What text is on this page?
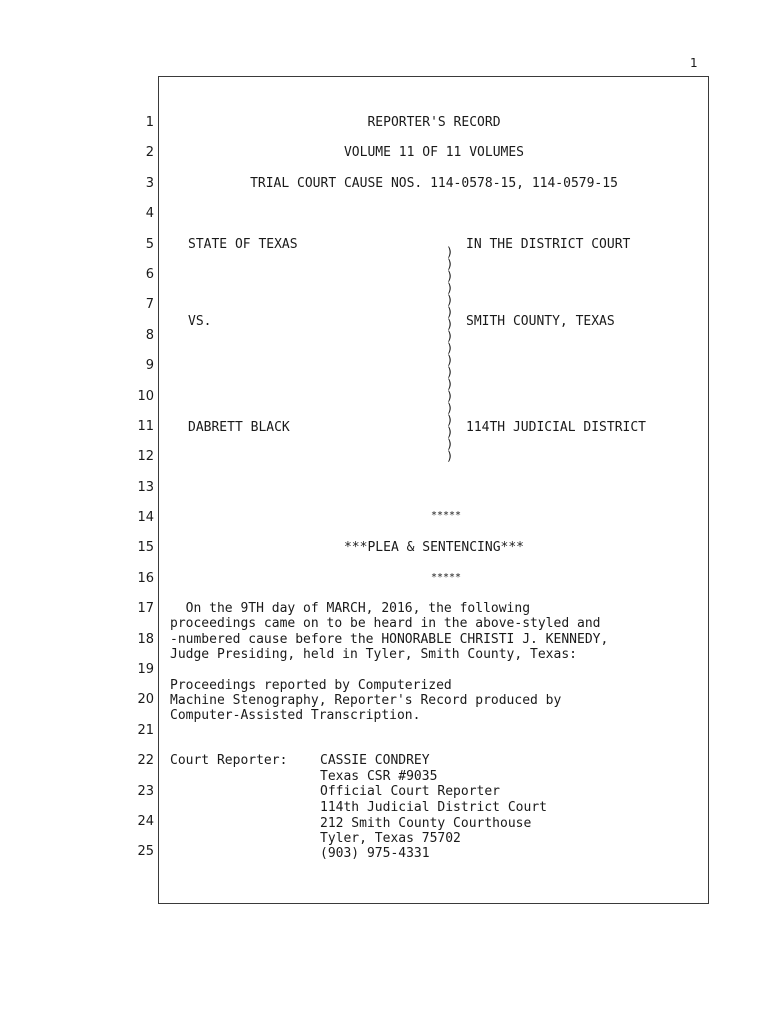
1
1
2
3
4
5
6
7
8
9
10
11
12
13
14
15
16
17
18
19
20
21
22
23
24
25
REPORTER'S RECORD
VOLUME 11 OF 11 VOLUMES
TRIAL COURT CAUSE NOS. 114-0578-15, 114-0579-15
STATE OF TEXAS
VS.
DABRETT BLACK

)
)
)
)
)
)
)
)
)
)
)
)
)
)
)
)
)
)

IN THE DISTRICT COURT
SMITH COUNTY, TEXAS
114TH JUDICIAL DISTRICT
*****
***PLEA & SENTENCING***
*****
On the 9TH day of MARCH, 2016, the following
proceedings came on to be heard in the above-styled and
-numbered cause before the HONORABLE CHRISTI J. KENNEDY,
Judge Presiding, held in Tyler, Smith County, Texas:
Proceedings reported by Computerized
Machine Stenography, Reporter's Record produced by
Computer-Assisted Transcription.
Court Reporter:	CASSIE CONDREY
Texas CSR #9035
Official Court Reporter
114th Judicial District Court
212 Smith County Courthouse
Tyler, Texas 75702
(903) 975-4331
